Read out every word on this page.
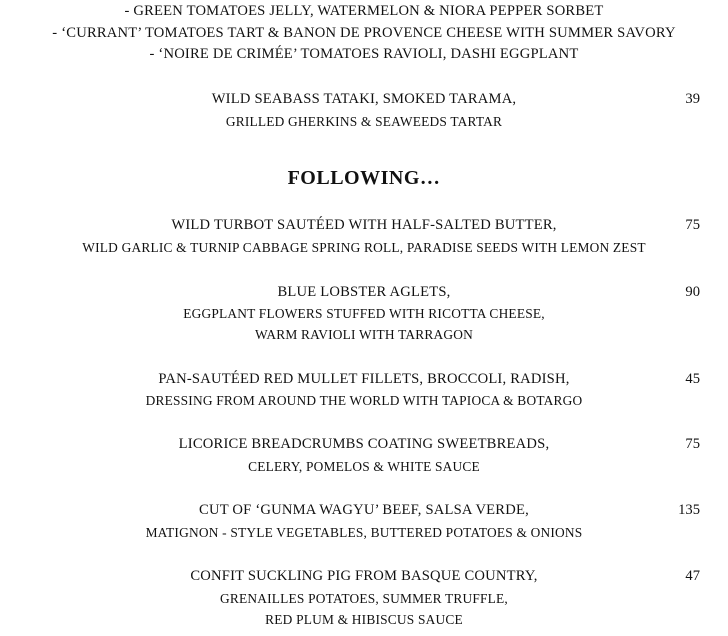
- GREEN TOMATOES JELLY, WATERMELON & NIORA PEPPER SORBET
- ‘CURRANT’ TOMATOES TART & BANON DE PROVENCE CHEESE WITH SUMMER SAVORY
- ‘NOIRE DE CRIMÉE’ TOMATOES RAVIOLI, DASHI EGGPLANT
WILD SEABASS TATAKI, SMOKED TARAMA,	39
GRILLED GHERKINS & SEAWEEDS TARTAR
FOLLOWING…
WILD TURBOT SAUTÉED WITH HALF-SALTED BUTTER,	75
WILD GARLIC & TURNIP CABBAGE SPRING ROLL, PARADISE SEEDS WITH LEMON ZEST
BLUE LOBSTER AGLETS,	90
EGGPLANT FLOWERS STUFFED WITH RICOTTA CHEESE,
WARM RAVIOLI WITH TARRAGON
PAN-SAUTÉED RED MULLET FILLETS, BROCCOLI, RADISH,	45
DRESSING FROM AROUND THE WORLD WITH TAPIOCA & BOTARGO
LICORICE BREADCRUMBS COATING SWEETBREADS,	75
CELERY, POMELOS & WHITE SAUCE
CUT OF ‘GUNMA WAGYU’ BEEF, SALSA VERDE,	135
MATIGNON - STYLE VEGETABLES, BUTTERED POTATOES & ONIONS
CONFIT SUCKLING PIG FROM BASQUE COUNTRY,	47
GRENAILLES POTATOES, SUMMER TRUFFLE,
RED PLUM & HIBISCUS SAUCE
